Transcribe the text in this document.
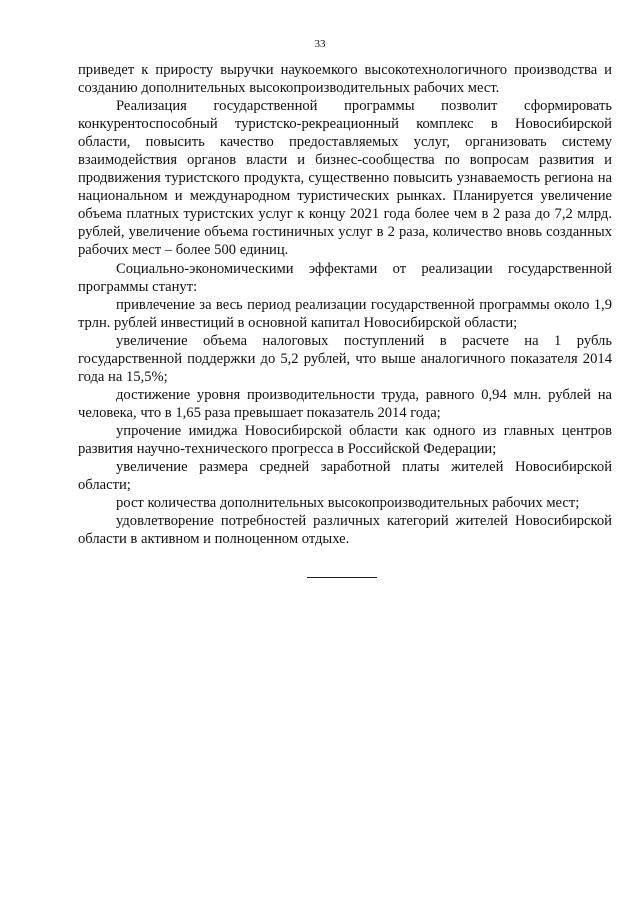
33

приведет к приросту выручки наукоемкого высокотехнологичного производства и созданию дополнительных высокопроизводительных рабочих мест.

Реализация государственной программы позволит сформировать конкурентоспособный туристско-рекреационный комплекс в Новосибирской области, повысить качество предоставляемых услуг, организовать систему взаимодействия органов власти и бизнес-сообщества по вопросам развития и продвижения туристского продукта, существенно повысить узнаваемость региона на национальном и международном туристических рынках. Планируется увеличение объема платных туристских услуг к концу 2021 года более чем в 2 раза до 7,2 млрд. рублей, увеличение объема гостиничных услуг в 2 раза, количество вновь созданных рабочих мест – более 500 единиц.

Социально-экономическими эффектами от реализации государственной программы станут:

привлечение за весь период реализации государственной программы около 1,9 трлн. рублей инвестиций в основной капитал Новосибирской области;

увеличение объема налоговых поступлений в расчете на 1 рубль государственной поддержки до 5,2 рублей, что выше аналогичного показателя 2014 года на 15,5%;

достижение уровня производительности труда, равного 0,94 млн. рублей на человека, что в 1,65 раза превышает показатель 2014 года;

упрочение имиджа Новосибирской области как одного из главных центров развития научно-технического прогресса в Российской Федерации;

увеличение размера средней заработной платы жителей Новосибирской области;

рост количества дополнительных высокопроизводительных рабочих мест;

удовлетворение потребностей различных категорий жителей Новосибирской области в активном и полноценном отдыхе.
